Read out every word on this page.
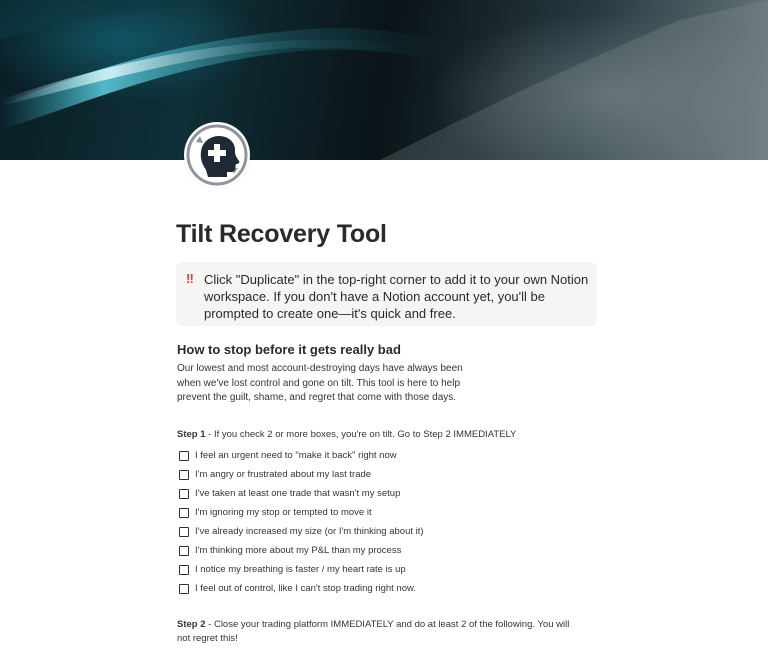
Tilt Recovery Tool
‼ Click "Duplicate" in the top-right corner to add it to your own Notion workspace. If you don't have a Notion account yet, you'll be prompted to create one—it's quick and free.
How to stop before it gets really bad
Our lowest and most account-destroying days have always been when we've lost control and gone on tilt. This tool is here to help prevent the guilt, shame, and regret that come with those days.
Step 1 - If you check 2 or more boxes, you're on tilt. Go to Step 2 IMMEDIATELY
I feel an urgent need to "make it back" right now
I'm angry or frustrated about my last trade
I've taken at least one trade that wasn't my setup
I'm ignoring my stop or tempted to move it
I've already increased my size (or I'm thinking about it)
I'm thinking more about my P&L than my process
I notice my breathing is faster / my heart rate is up
I feel out of control, like I can't stop trading right now.
Step 2 - Close your trading platform IMMEDIATELY and do at least 2 of the following. You will not regret this!
